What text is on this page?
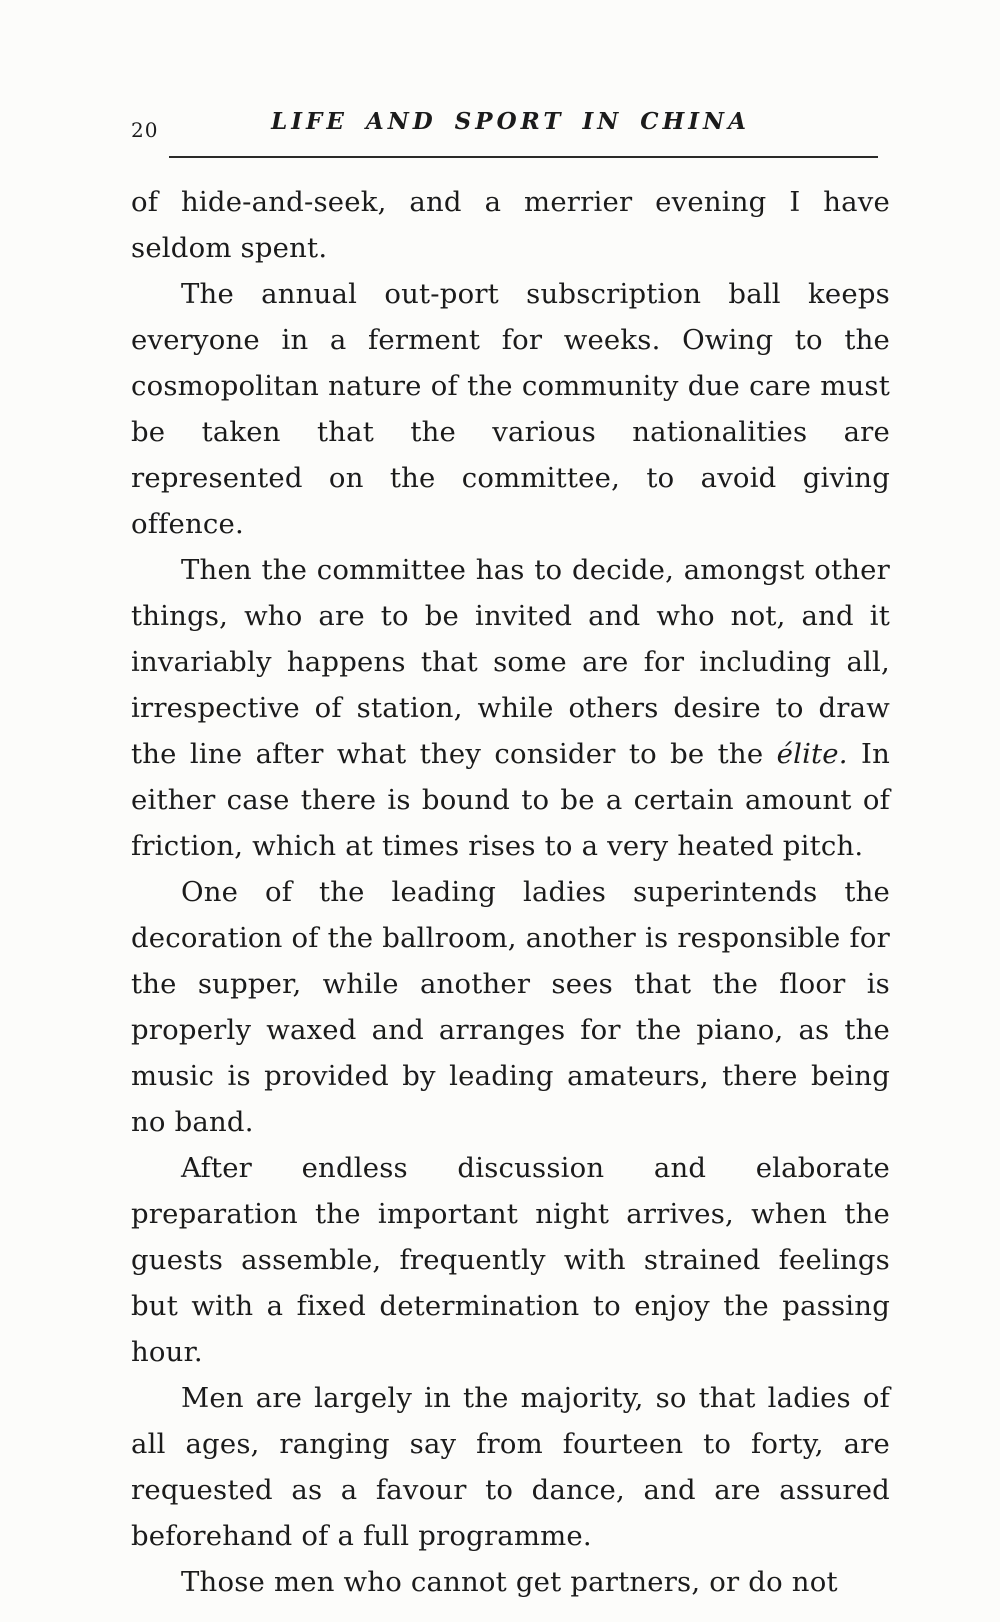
20	LIFE AND SPORT IN CHINA

of hide-and-seek, and a merrier evening I have seldom spent.

The annual out-port subscription ball keeps everyone in a ferment for weeks. Owing to the cosmopolitan nature of the community due care must be taken that the various nationalities are represented on the committee, to avoid giving offence.

Then the committee has to decide, amongst other things, who are to be invited and who not, and it invariably happens that some are for including all, irrespective of station, while others desire to draw the line after what they consider to be the élite. In either case there is bound to be a certain amount of friction, which at times rises to a very heated pitch.

One of the leading ladies superintends the decoration of the ballroom, another is responsible for the supper, while another sees that the floor is properly waxed and arranges for the piano, as the music is provided by leading amateurs, there being no band.

After endless discussion and elaborate preparation the important night arrives, when the guests assemble, frequently with strained feelings but with a fixed determination to enjoy the passing hour.

Men are largely in the majority, so that ladies of all ages, ranging say from fourteen to forty, are requested as a favour to dance, and are assured beforehand of a full programme.

Those men who cannot get partners, or do not
